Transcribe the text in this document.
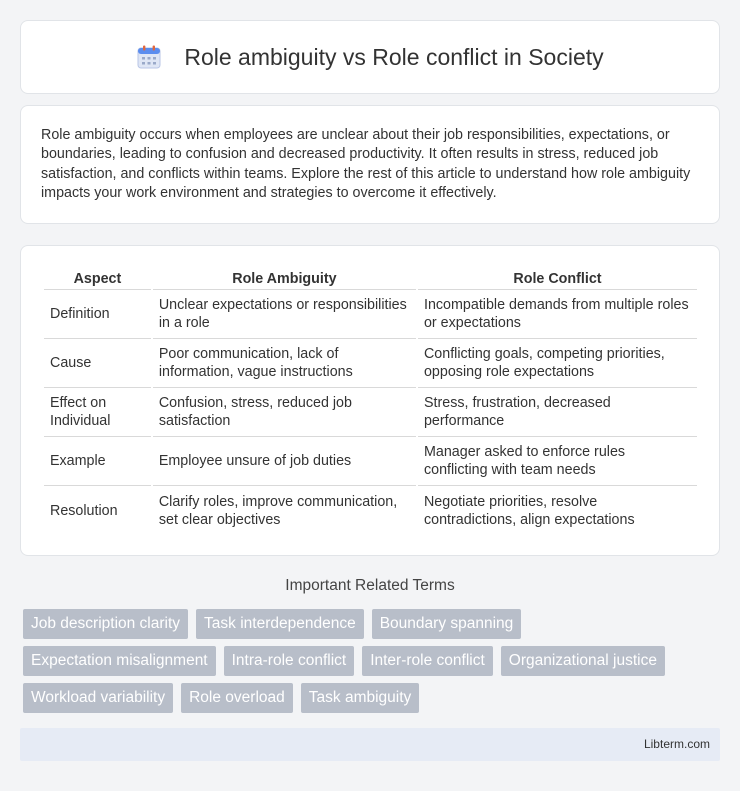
Role ambiguity vs Role conflict in Society

Role ambiguity occurs when employees are unclear about their job responsibilities, expectations, or boundaries, leading to confusion and decreased productivity. It often results in stress, reduced job satisfaction, and conflicts within teams. Explore the rest of this article to understand how role ambiguity impacts your work environment and strategies to overcome it effectively.

Aspect	Role Ambiguity	Role Conflict
Definition	Unclear expectations or responsibilities in a role	Incompatible demands from multiple roles or expectations
Cause	Poor communication, lack of information, vague instructions	Conflicting goals, competing priorities, opposing role expectations
Effect on Individual	Confusion, stress, reduced job satisfaction	Stress, frustration, decreased performance
Example	Employee unsure of job duties	Manager asked to enforce rules conflicting with team needs
Resolution	Clarify roles, improve communication, set clear objectives	Negotiate priorities, resolve contradictions, align expectations
Important Related Terms
Job description clarity	Task interdependence	Boundary spanning
Expectation misalignment	Intra-role conflict	Inter-role conflict	Organizational justice
Workload variability	Role overload	Task ambiguity
Libterm.com
